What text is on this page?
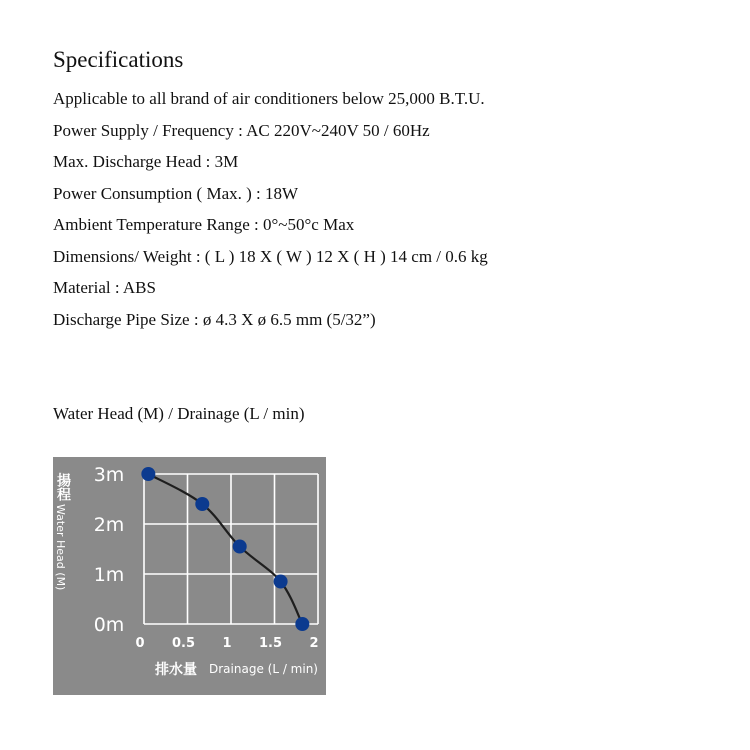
Specifications
Applicable to all brand of air conditioners below 25,000 B.T.U.
Power Supply / Frequency : AC 220V~240V 50 / 60Hz
Max. Discharge Head : 3M
Power Consumption ( Max. ) : 18W
Ambient Temperature Range : 0°~50°c Max
Dimensions/ Weight : ( L ) 18 X ( W ) 12 X ( H ) 14 cm / 0.6 kg
Material : ABS
Discharge Pipe Size : ø 4.3 X ø 6.5 mm (5/32”)
Water Head (M) / Drainage (L / min)
0 0.5 1 1.5 2
3m
2m
1m
0m
揚程
Water Head (M)
排水量 Drainage (L / min)
